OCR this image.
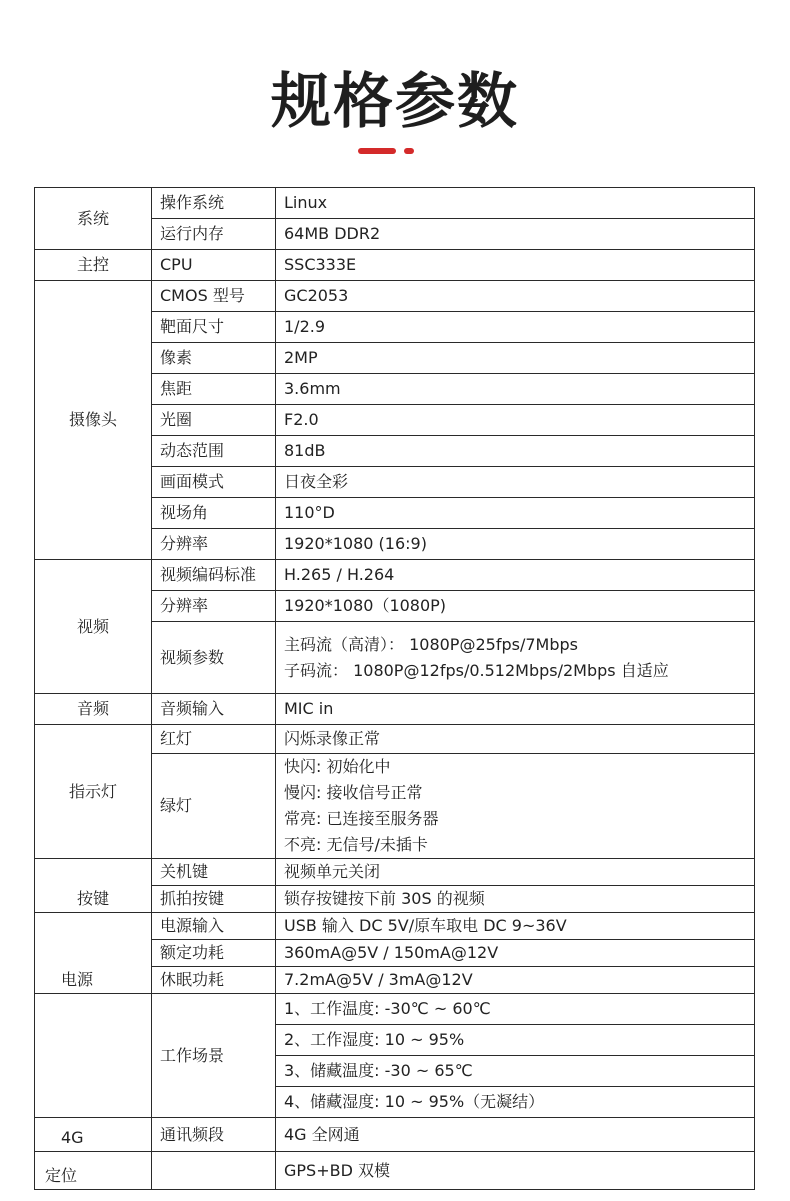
规格参数
系统	操作系统	Linux
	运行内存	64MB DDR2
主控	CPU	SSC333E
摄像头	CMOS 型号	GC2053
	靶面尺寸	1/2.9
	像素	2MP
	焦距	3.6mm
	光圈	F2.0
	动态范围	81dB
	画面模式	日夜全彩
	视场角	110°D
	分辨率	1920*1080 (16:9)
视频	视频编码标准	H.265 / H.264
	分辨率	1920*1080（1080P)
	视频参数	主码流（高清）： 1080P@25fps/7Mbps
子码流： 1080P@12fps/0.512Mbps/2Mbps 自适应

音频	音频输入	MIC in
指示灯	红灯	闪烁录像正常
	绿灯	快闪: 初始化中
慢闪: 接收信号正常
常亮: 已连接至服务器
不亮: 无信号/未插卡

按键	关机键	视频单元关闭
	抓拍按键	锁存按键按下前 30S 的视频
电源	电源输入	USB 输入 DC 5V/原车取电 DC 9~36V
	额定功耗	360mA@5V / 150mA@12V
	休眠功耗	7.2mA@5V / 3mA@12V
	工作场景	1、工作温度: -30℃ ~ 60℃
		2、工作湿度: 10 ~ 95%
		3、储藏温度: -30 ~ 65℃
		4、储藏湿度: 10 ~ 95%（无凝结）
4G	通讯频段	4G 全网通
定位		GPS+BD 双模
